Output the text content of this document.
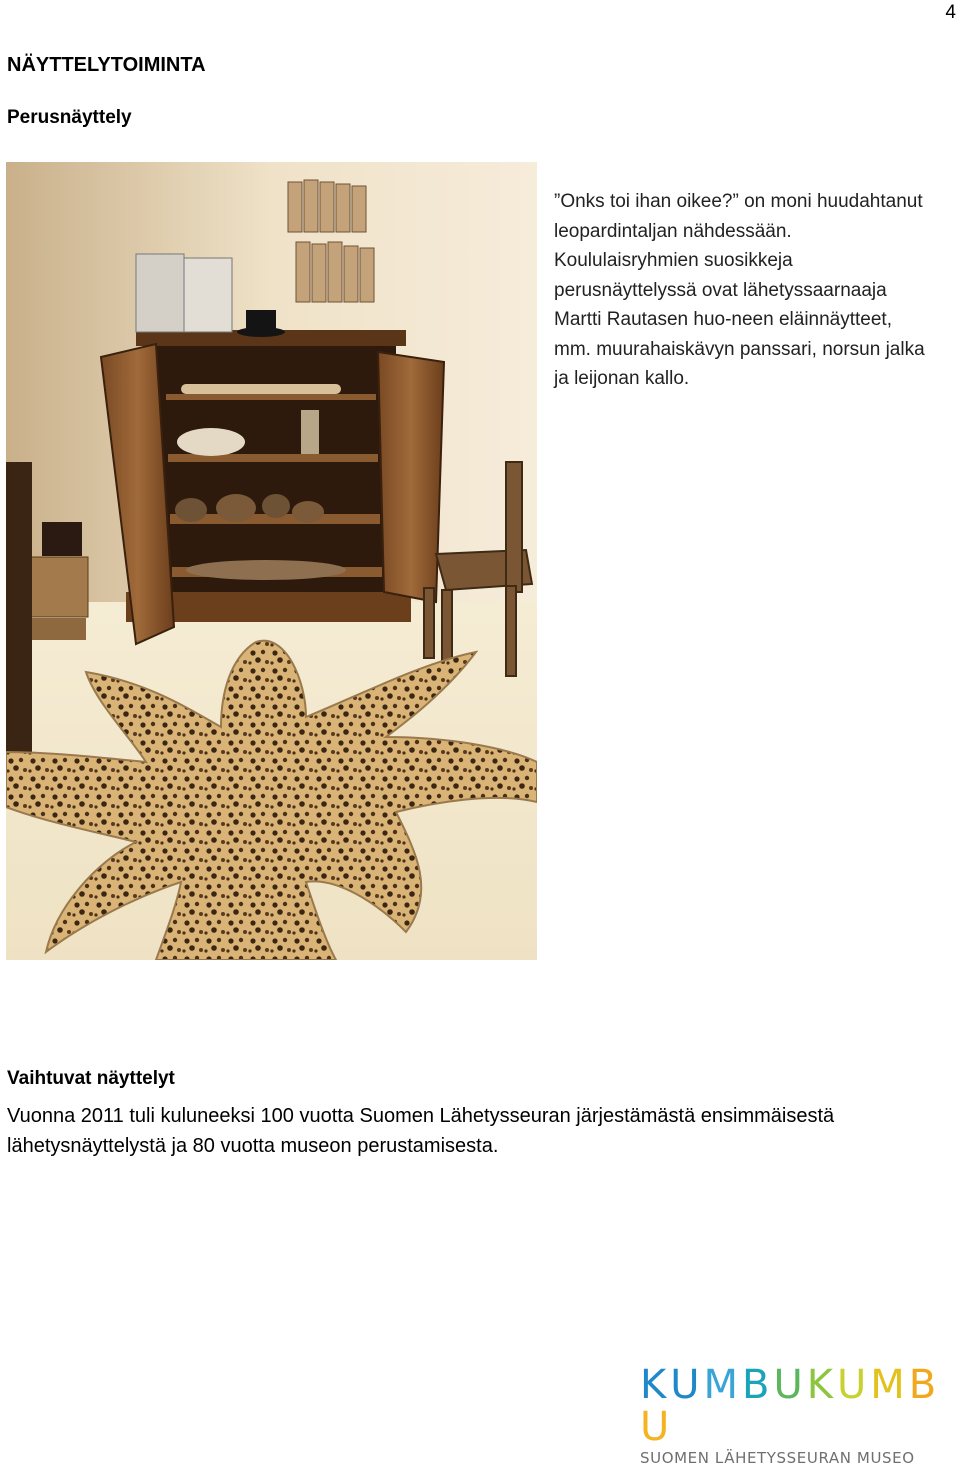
4
NÄYTTELYTOIMINTA
Perusnäyttely
”Onks toi ihan oikee?” on moni huudahtanut leopardintaljan nähdessään. Koululaisryhmien suosikkeja perusnäyttelyssä ovat lähetyssaarnaaja Martti Rautasen huo-neen eläinnäytteet, mm. muurahaiskävyn panssari, norsun jalka ja leijonan kallo.
Vaihtuvat näyttelyt
Vuonna 2011 tuli kuluneeksi 100 vuotta Suomen Lähetysseuran järjestämästä ensimmäisestä lähetysnäyttelystä ja 80 vuotta museon perustamisesta.
KUMBUKUMBU
SUOMEN LÄHETYSSEURAN MUSEO
